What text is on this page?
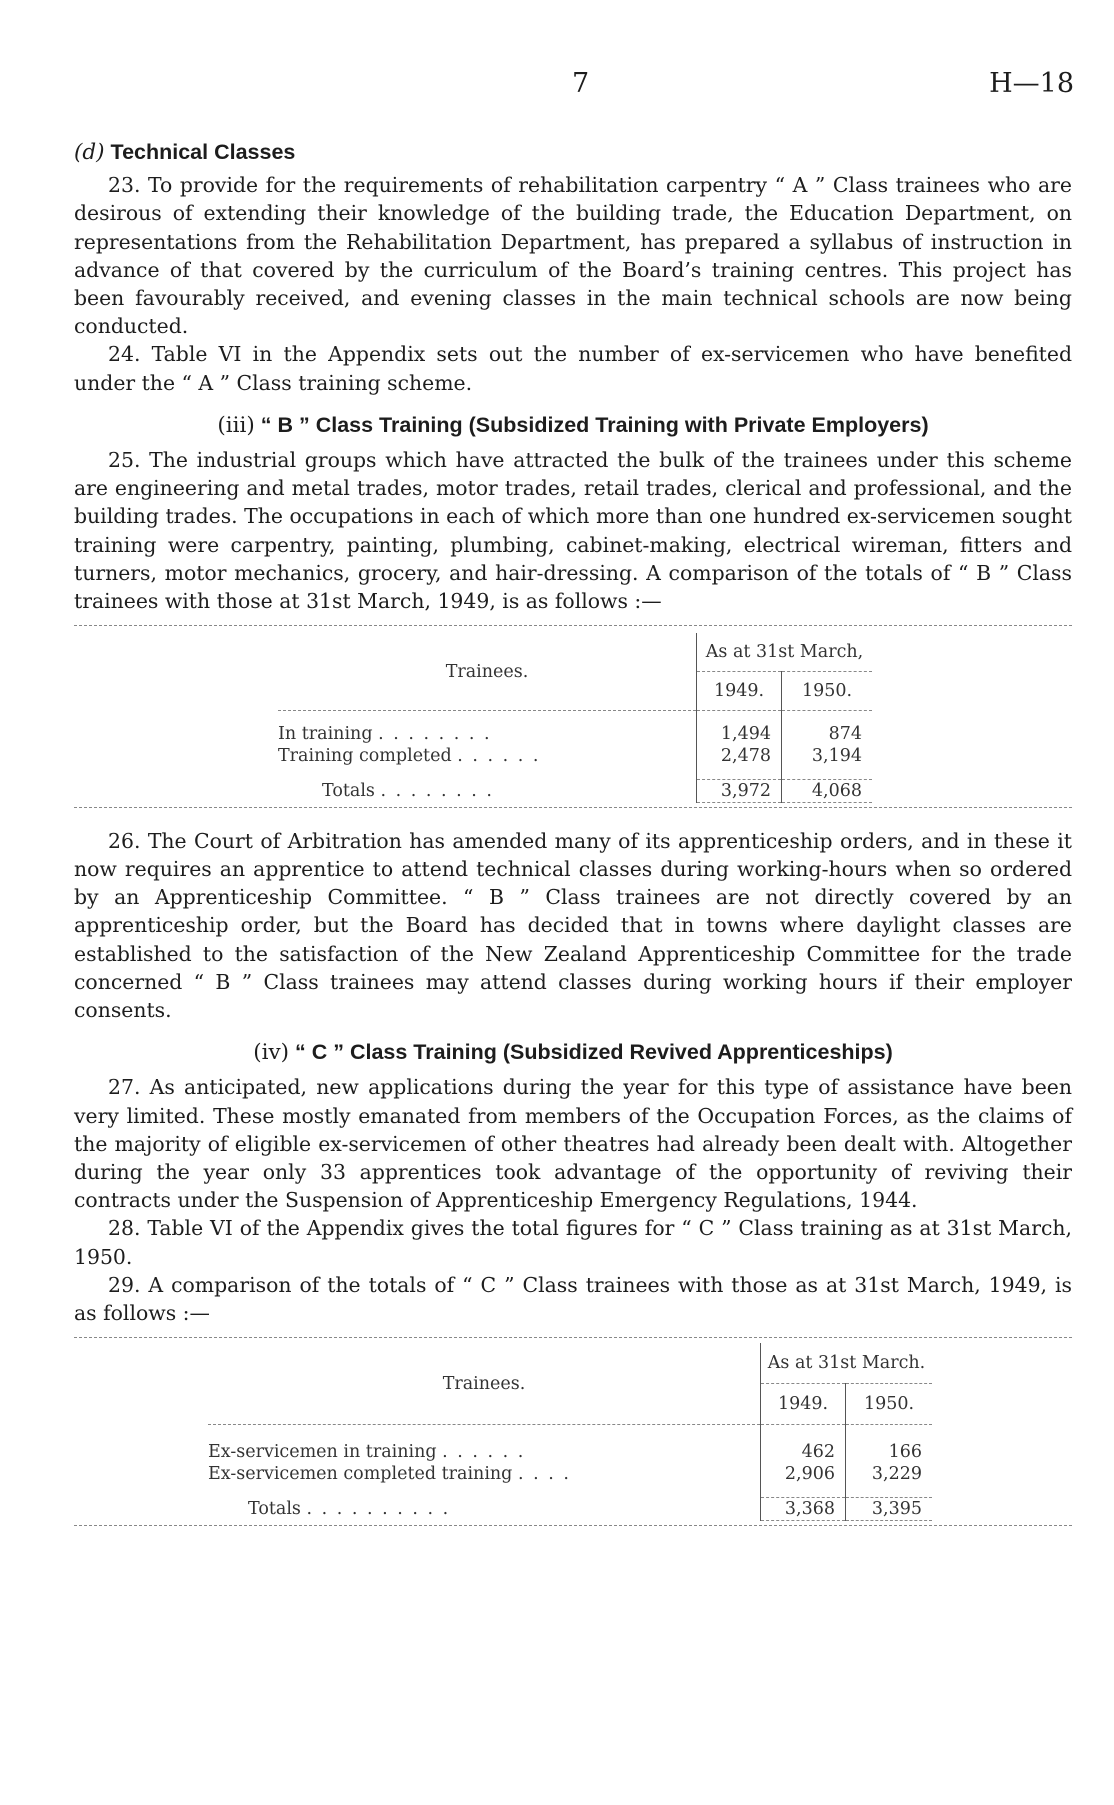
7	H—18
(d) Technical Classes

23. To provide for the requirements of rehabilitation carpentry “ A ” Class trainees who are desirous of extending their knowledge of the building trade, the Education Department, on representations from the Rehabilitation Department, has prepared a syllabus of instruction in advance of that covered by the curriculum of the Board’s training centres. This project has been favourably received, and evening classes in the main technical schools are now being conducted.

24. Table VI in the Appendix sets out the number of ex-servicemen who have benefited under the “ A ” Class training scheme.

(iii) “ B ” Class Training (Subsidized Training with Private Employers)

25. The industrial groups which have attracted the bulk of the trainees under this scheme are engineering and metal trades, motor trades, retail trades, clerical and professional, and the building trades. The occupations in each of which more than one hundred ex-servicemen sought training were carpentry, painting, plumbing, cabinet-making, electrical wireman, fitters and turners, motor mechanics, grocery, and hair-dressing. A comparison of the totals of “ B ” Class trainees with those at 31st March, 1949, is as follows :—

Trainees.	As at 31st March,	
	1949.	1950.

In training . . . . . . . .	1,494	874
Training completed . . . . . .	2,478	3,194

Totals . . . . . . . .	3,972	4,068

26. The Court of Arbitration has amended many of its apprenticeship orders, and in these it now requires an apprentice to attend technical classes during working-hours when so ordered by an Apprenticeship Committee. “ B ” Class trainees are not directly covered by an apprenticeship order, but the Board has decided that in towns where daylight classes are established to the satisfaction of the New Zealand Apprenticeship Committee for the trade concerned “ B ” Class trainees may attend classes during working hours if their employer consents.

(iv) “ C ” Class Training (Subsidized Revived Apprenticeships)

27. As anticipated, new applications during the year for this type of assistance have been very limited. These mostly emanated from members of the Occupation Forces, as the claims of the majority of eligible ex-servicemen of other theatres had already been dealt with. Altogether during the year only 33 apprentices took advantage of the opportunity of reviving their contracts under the Suspension of Apprenticeship Emergency Regulations, 1944.

28. Table VI of the Appendix gives the total figures for “ C ” Class training as at 31st March, 1950.

29. A comparison of the totals of “ C ” Class trainees with those as at 31st March, 1949, is as follows :—

Trainees.	As at 31st March.	
	1949.	1950.

Ex-servicemen in training . . . . . .	462	166
Ex-servicemen completed training . . . .	2,906	3,229

Totals . . . . . . . . . .	3,368	3,395
